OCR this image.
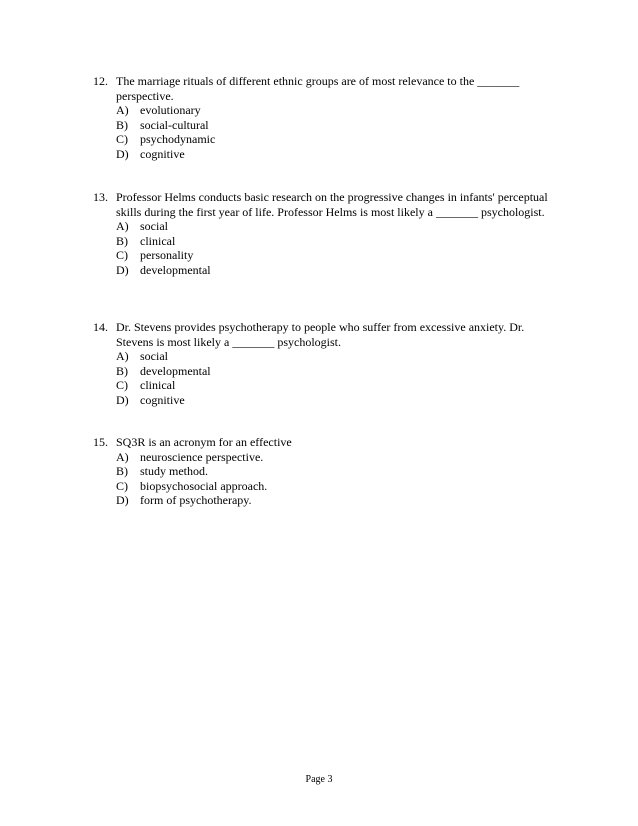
12. The marriage rituals of different ethnic groups are of most relevance to the _______ perspective.
A) evolutionary
B)	social-cultural
C)	psychodynamic
D) cognitive
13. Professor Helms conducts basic research on the progressive changes in infants' perceptual skills during the first year of life. Professor Helms is most likely a _______ psychologist.
A) social
B)	clinical
C)	personality
D) developmental
14. Dr. Stevens provides psychotherapy to people who suffer from excessive anxiety. Dr. Stevens is most likely a _______ psychologist.
A) social
B)	developmental
C)	clinical
D) cognitive
15. SQ3R is an acronym for an effective
A) neuroscience perspective.
B)	study method.
C)	biopsychosocial approach.
D) form of psychotherapy.
Page 3
